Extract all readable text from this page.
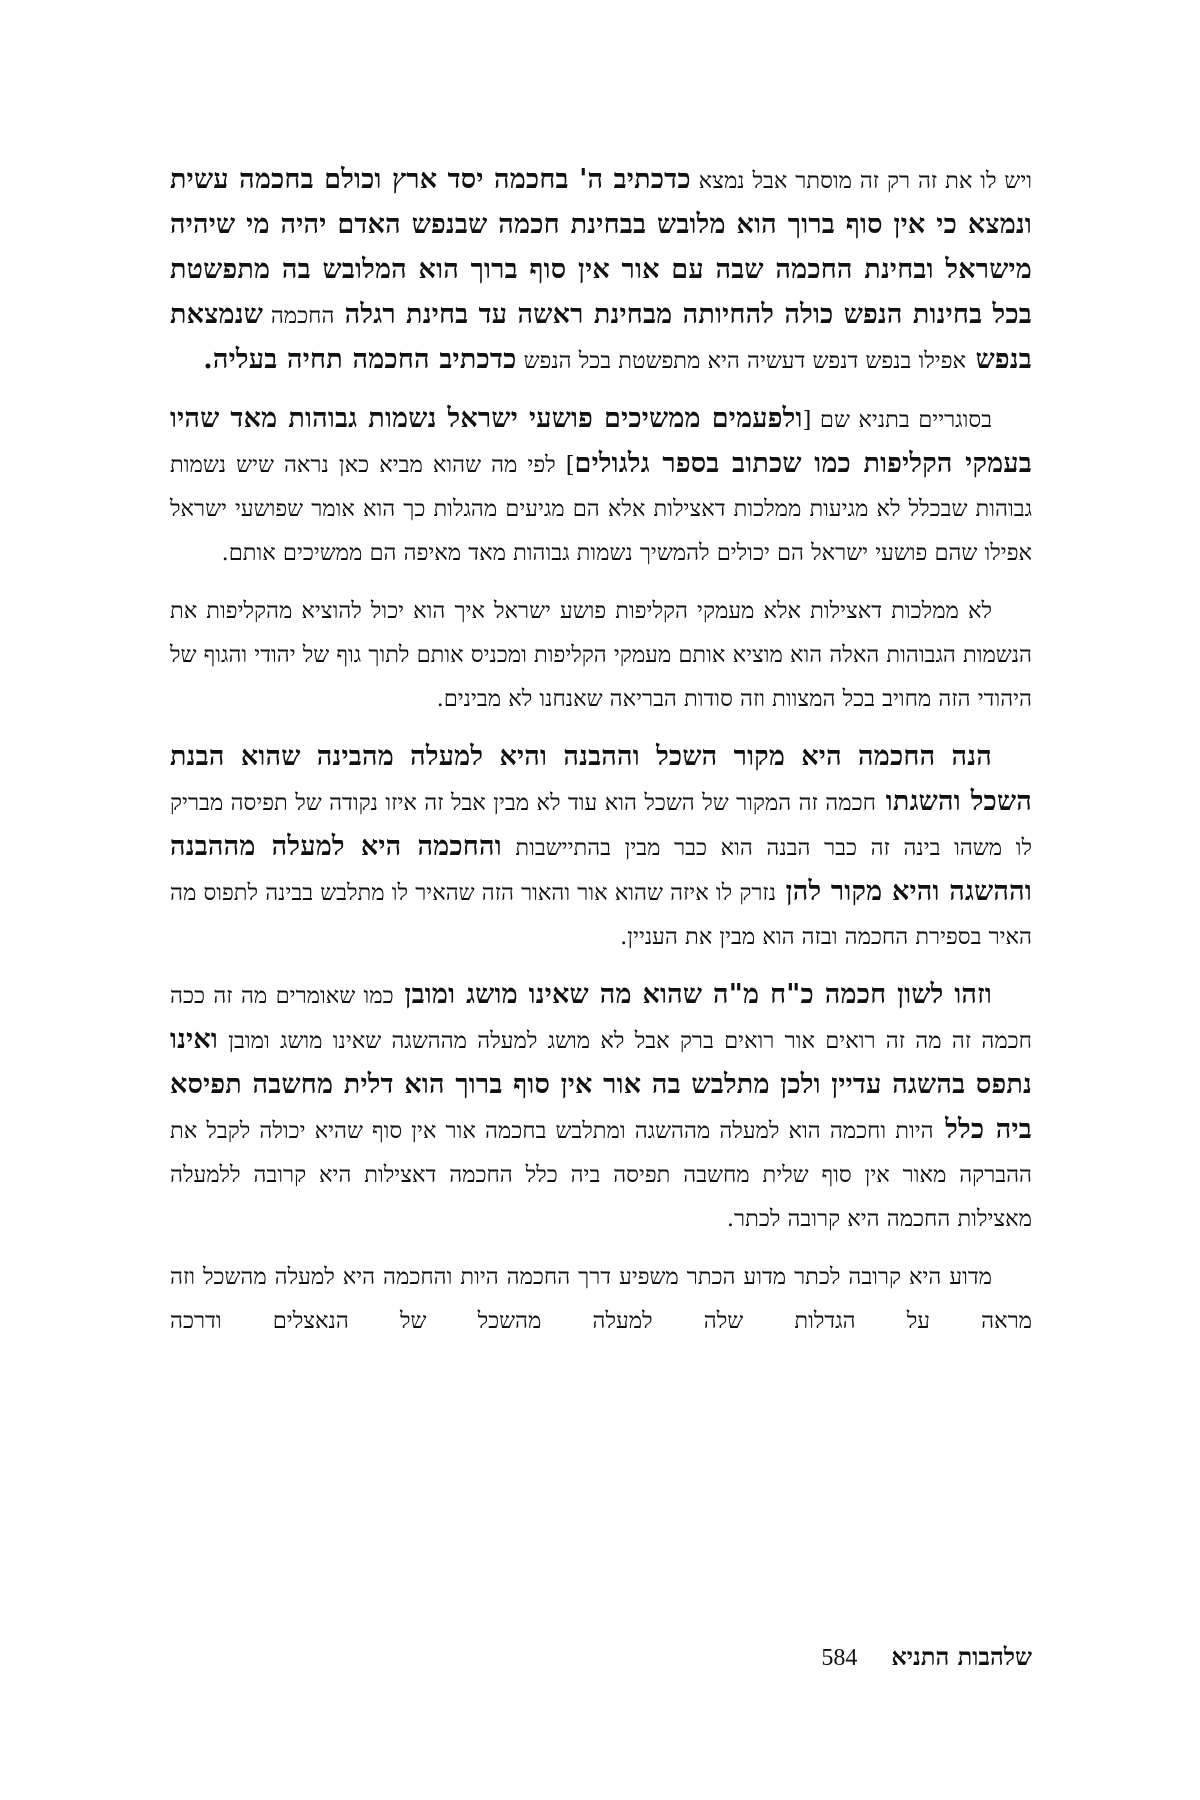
ויש לו את זה רק זה מוסתר אבל נמצא כדכתיב ה' בחכמה יסד ארץ וכולם בחכמה עשית ונמצא כי אין סוף ברוך הוא מלובש בבחינת חכמה שבנפש האדם יהיה מי שיהיה מישראל ובחינת החכמה שבה עם אור אין סוף ברוך הוא המלובש בה מתפשטת בכל בחינות הנפש כולה להחיותה מבחינת ראשה עד בחינת רגלה החכמה שנמצאת בנפש אפילו בנפש דנפש דעשיה היא מתפשטת בכל הנפש כדכתיב החכמה תחיה בעליה.

בסוגריים בתניא שם [ולפעמים ממשיכים פושעי ישראל נשמות גבוהות מאד שהיו בעמקי הקליפות כמו שכתוב בספר גלגולים] לפי מה שהוא מביא כאן נראה שיש נשמות גבוהות שבכלל לא מגיעות ממלכות דאצילות אלא הם מגיעים מהגלות כך הוא אומר שפושעי ישראל אפילו שהם פושעי ישראל הם יכולים להמשיך נשמות גבוהות מאד מאיפה הם ממשיכים אותם.

לא ממלכות דאצילות אלא מעמקי הקליפות פושע ישראל איך הוא יכול להוציא מהקליפות את הנשמות הגבוהות האלה הוא מוציא אותם מעמקי הקליפות ומכניס אותם לתוך גוף של יהודי והגוף של היהודי הזה מחויב בכל המצוות וזה סודות הבריאה שאנחנו לא מבינים.

הנה החכמה היא מקור השכל וההבנה והיא למעלה מהבינה שהוא הבנת השכל והשגתו חכמה זה המקור של השכל הוא עוד לא מבין אבל זה איזו נקודה של תפיסה מבריק לו משהו בינה זה כבר הבנה הוא כבר מבין בהתיישבות והחכמה היא למעלה מההבנה וההשגה והיא מקור להן נזרק לו איזה שהוא אור והאור הזה שהאיר לו מתלבש בבינה לתפוס מה האיר בספירת החכמה ובזה הוא מבין את העניין.

וזהו לשון חכמה כ"ח מ"ה שהוא מה שאינו מושג ומובן כמו שאומרים מה זה ככה חכמה זה מה זה רואים אור רואים ברק אבל לא מושג למעלה מההשגה שאינו מושג ומובן ואינו נתפס בהשגה עדיין ולכן מתלבש בה אור אין סוף ברוך הוא דלית מחשבה תפיסא ביה כלל היות וחכמה הוא למעלה מההשגה ומתלבש בחכמה אור אין סוף שהיא יכולה לקבל את ההברקה מאור אין סוף שלית מחשבה תפיסה ביה כלל החכמה דאצילות היא קרובה ללמעלה מאצילות החכמה היא קרובה לכתר.

מדוע היא קרובה לכתר מדוע הכתר משפיע דרך החכמה היות והחכמה היא למעלה מהשכל וזה מראה על הגדלות שלה למעלה מהשכל של הנאצלים ודרכה

שלהבות התניא
584
